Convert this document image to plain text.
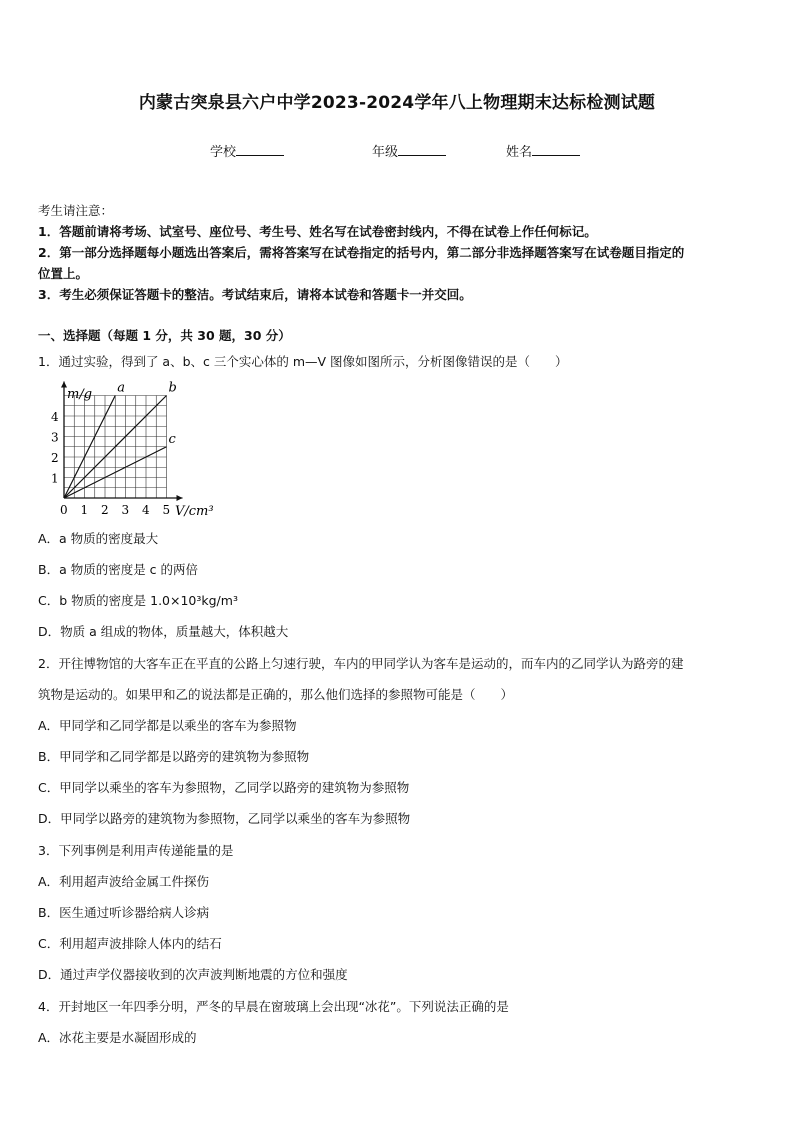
内蒙古突泉县六户中学2023-2024学年八上物理期末达标检测试题
学校	年级	姓名
考生请注意：
1．答题前请将考场、试室号、座位号、考生号、姓名写在试卷密封线内，不得在试卷上作任何标记。
2．第一部分选择题每小题选出答案后，需将答案写在试卷指定的括号内，第二部分非选择题答案写在试卷题目指定的
位置上。
3．考生必须保证答题卡的整洁。考试结束后，请将本试卷和答题卡一并交回。
一、选择题（每题 1 分，共 30 题，30 分）
1．通过实验，得到了 a、b、c 三个实心体的 m—V 图像如图所示，分析图像错误的是（　　）
a	b
c
0 1 2 3 4 5
1
2
3
4
m/g
V/cm³
A．a 物质的密度最大
B．a 物质的密度是 c 的两倍
C．b 物质的密度是 1.0×10³kg/m³
D．物质 a 组成的物体，质量越大，体积越大
2．开往博物馆的大客车正在平直的公路上匀速行驶，车内的甲同学认为客车是运动的，而车内的乙同学认为路旁的建
筑物是运动的。如果甲和乙的说法都是正确的，那么他们选择的参照物可能是（　　）
A．甲同学和乙同学都是以乘坐的客车为参照物
B．甲同学和乙同学都是以路旁的建筑物为参照物
C．甲同学以乘坐的客车为参照物，乙同学以路旁的建筑物为参照物
D．甲同学以路旁的建筑物为参照物，乙同学以乘坐的客车为参照物
3．下列事例是利用声传递能量的是
A．利用超声波给金属工件探伤
B．医生通过听诊器给病人诊病
C．利用超声波排除人体内的结石
D．通过声学仪器接收到的次声波判断地震的方位和强度
4．开封地区一年四季分明，严冬的早晨在窗玻璃上会出现“冰花”。下列说法正确的是
A．冰花主要是水凝固形成的
